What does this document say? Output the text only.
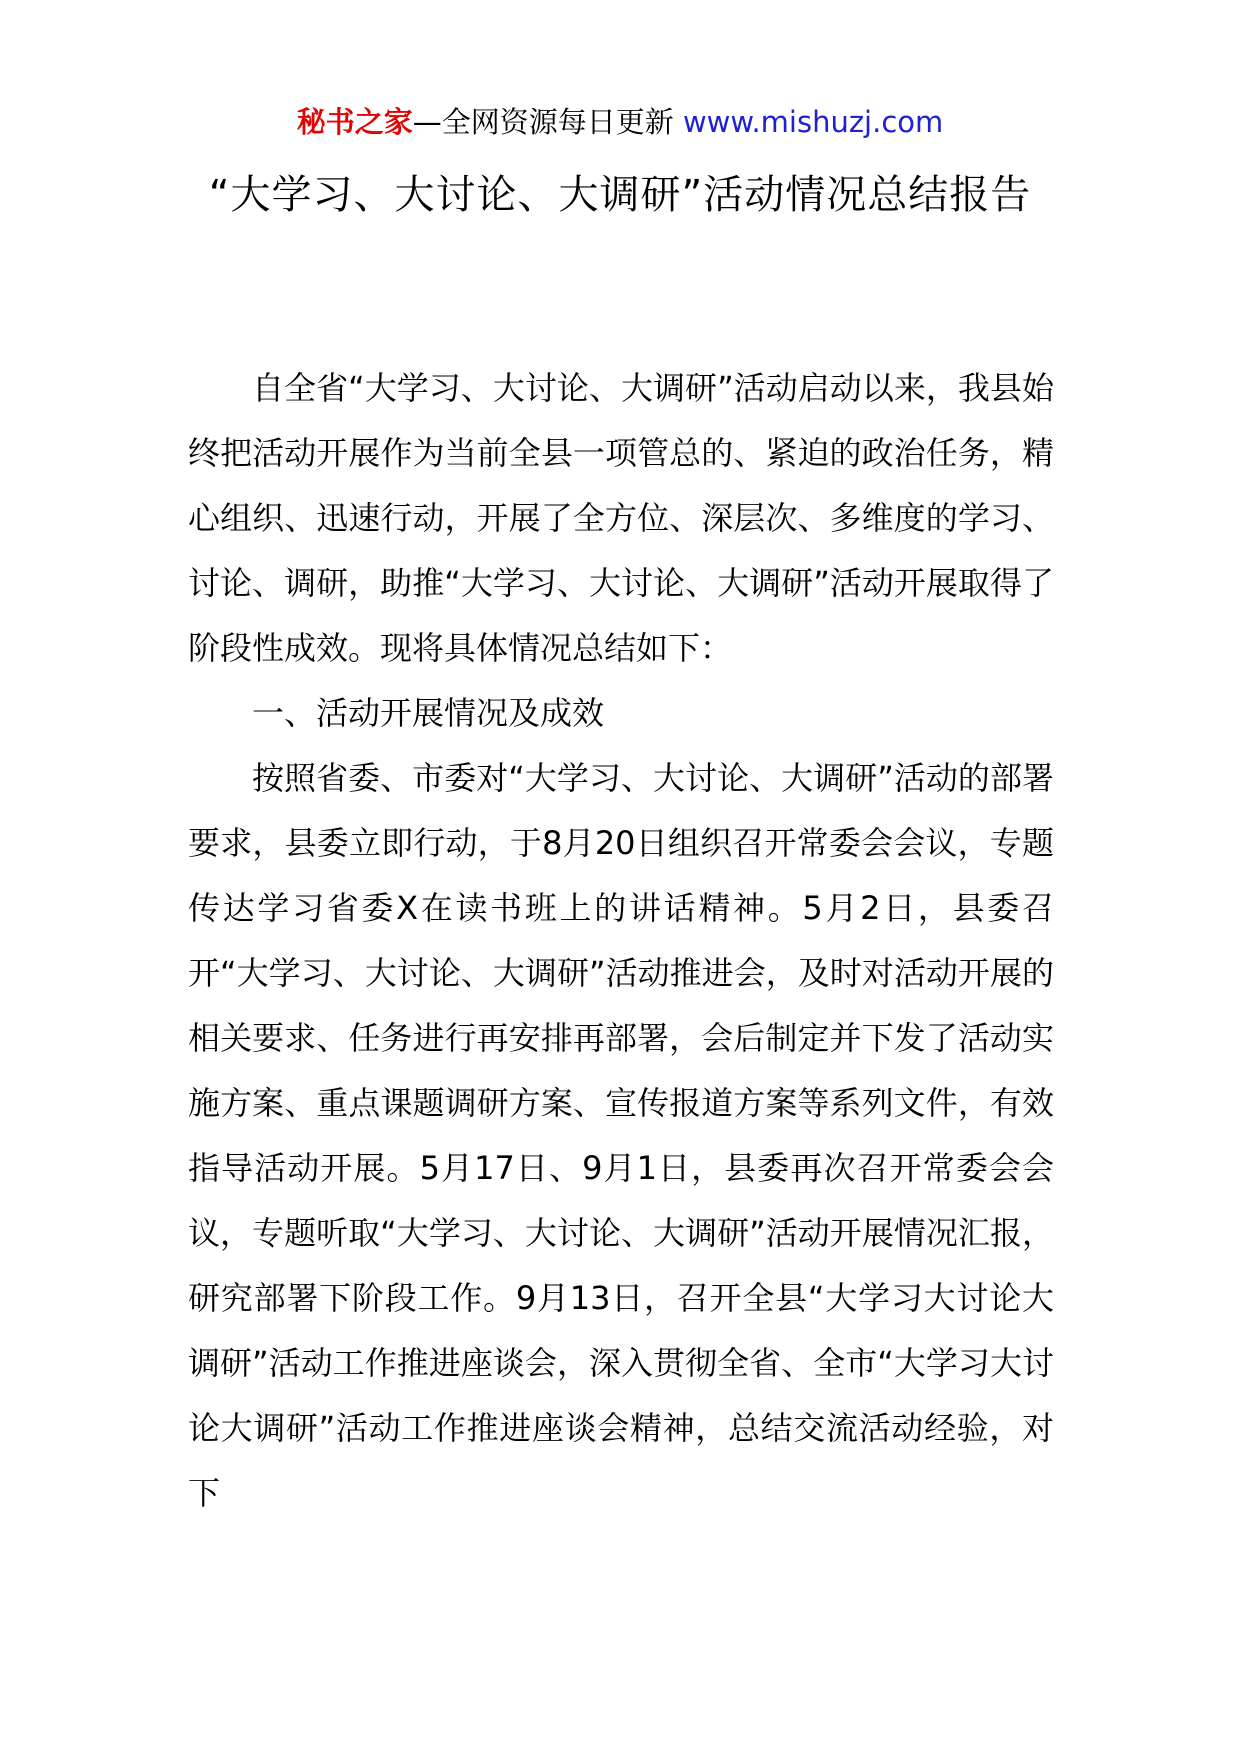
秘书之家—全网资源每日更新 www.mishuzj.com
“大学习、大讨论、大调研”活动情况总结报告

自全省“大学习、大讨论、大调研”活动启动以来，我县始终把活动开展作为当前全县一项管总的、紧迫的政治任务，精心组织、迅速行动，开展了全方位、深层次、多维度的学习、讨论、调研，助推“大学习、大讨论、大调研”活动开展取得了阶段性成效。现将具体情况总结如下：

一、活动开展情况及成效

按照省委、市委对“大学习、大讨论、大调研”活动的部署要求，县委立即行动，于8月20日组织召开常委会会议，专题传达学习省委X在读书班上的讲话精神。5月2日，县委召开“大学习、大讨论、大调研”活动推进会，及时对活动开展的相关要求、任务进行再安排再部署，会后制定并下发了活动实施方案、重点课题调研方案、宣传报道方案等系列文件，有效指导活动开展。5月17日、9月1日，县委再次召开常委会会议，专题听取“大学习、大讨论、大调研”活动开展情况汇报，研究部署下阶段工作。9月13日，召开全县“大学习大讨论大调研”活动工作推进座谈会，深入贯彻全省、全市“大学习大讨论大调研”活动工作推进座谈会精神，总结交流活动经验，对下
